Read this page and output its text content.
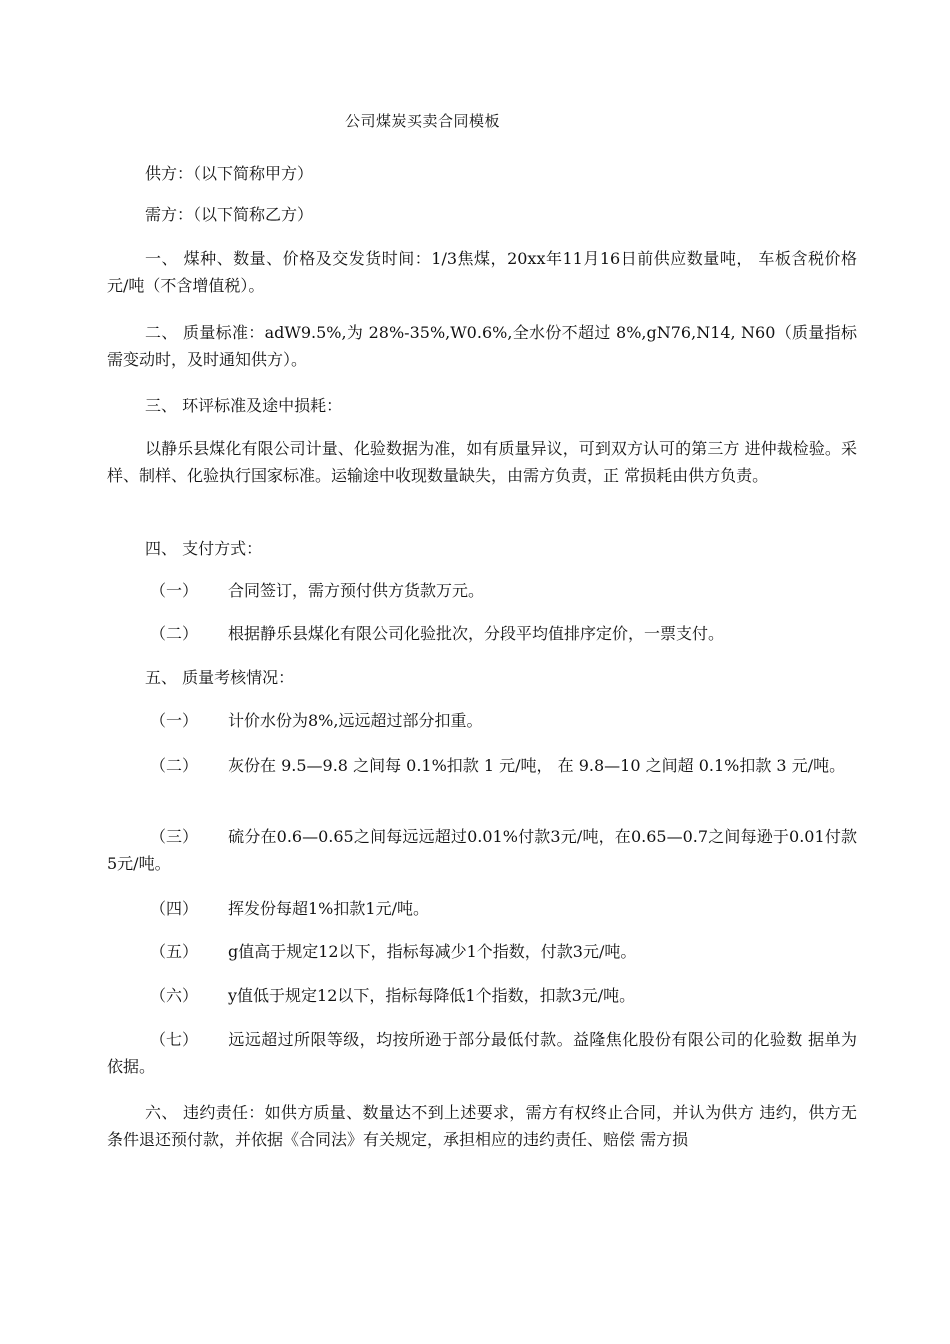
公司煤炭买卖合同模板

供方：（以下简称甲方）

需方：（以下简称乙方）

一、 煤种、数量、价格及交发货时间：1/3焦煤，20xx年11月16日前供应数量吨， 车板含税价格元/吨（不含增值税）。

二、 质量标准：adW9.5%,为 28%-35%,W0.6%,全水份不超过 8%,gN76,N14, N60（质量指标需变动时，及时通知供方）。

三、 环评标准及途中损耗：

以静乐县煤化有限公司计量、化验数据为准，如有质量异议，可到双方认可的第三方 进仲裁检验。采样、制样、化验执行国家标准。运输途中收现数量缺失，由需方负责，正 常损耗由供方负责。

四、 支付方式：

（一） 合同签订，需方预付供方货款万元。

（二） 根据静乐县煤化有限公司化验批次，分段平均值排序定价，一票支付。

五、 质量考核情况：

（一） 计价水份为8%,远远超过部分扣重。

（二） 灰份在 9.5—9.8 之间每 0.1%扣款 1 元/吨， 在 9.8—10 之间超 0.1%扣款 3 元/吨。

（三） 硫分在0.6—0.65之间每远远超过0.01%付款3元/吨，在0.65—0.7之间每逊于0.01付款5元/吨。

（四） 挥发份每超1%扣款1元/吨。

（五） g值高于规定12以下，指标每减少1个指数，付款3元/吨。

（六） y值低于规定12以下，指标每降低1个指数，扣款3元/吨。

（七） 远远超过所限等级，均按所逊于部分最低付款。益隆焦化股份有限公司的化验数 据单为依据。

六、 违约责任：如供方质量、数量达不到上述要求，需方有权终止合同，并认为供方 违约，供方无条件退还预付款，并依据《合同法》有关规定，承担相应的违约责任、赔偿 需方损
